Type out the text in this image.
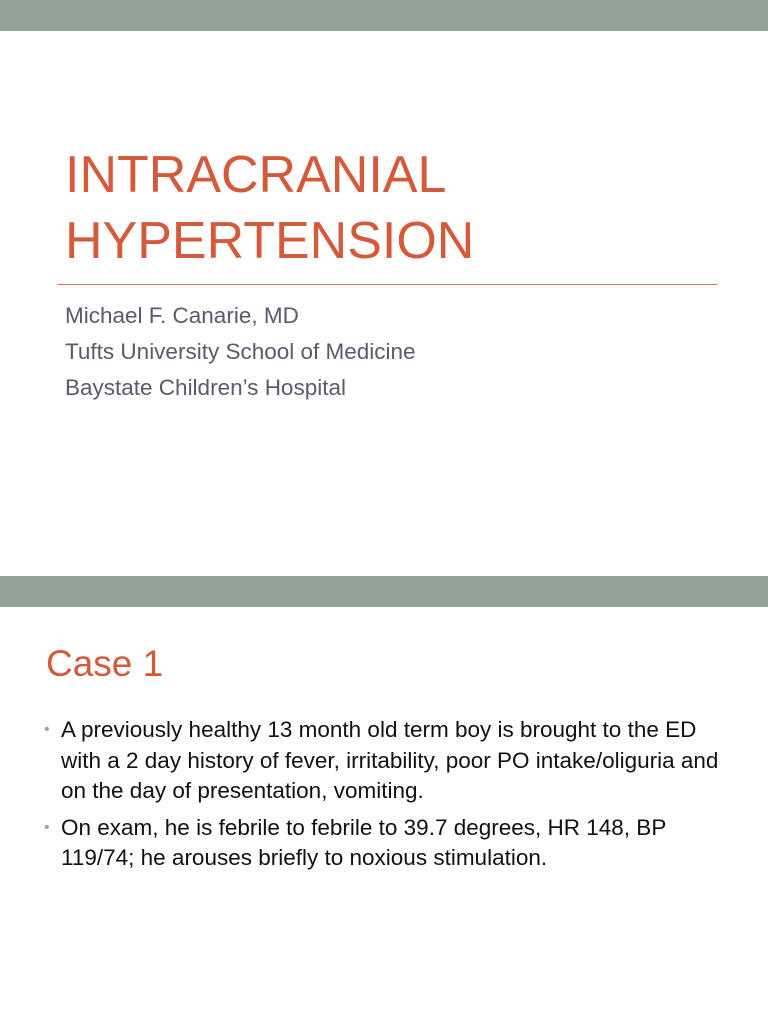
INTRACRANIAL
HYPERTENSION
Michael F. Canarie, MD
Tufts University School of Medicine
Baystate Children’s Hospital
Case 1
• A previously healthy 13 month old term boy is brought to the ED with a 2 day history of fever, irritability, poor PO intake/oliguria and on the day of presentation, vomiting.
• On exam, he is febrile to febrile to 39.7 degrees, HR 148, BP 119/74; he arouses briefly to noxious stimulation.
